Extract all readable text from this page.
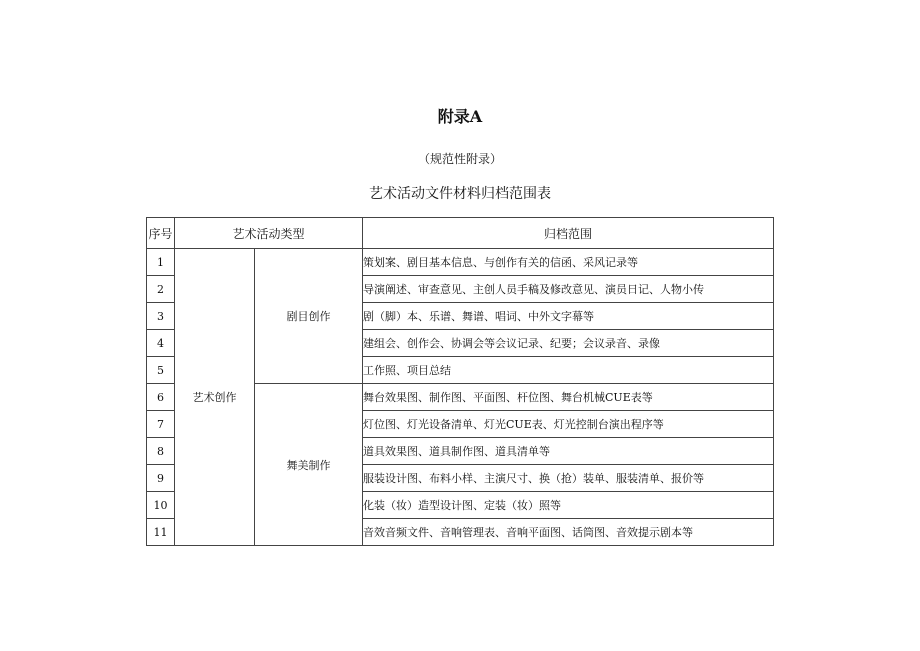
附录A
（规范性附录）
艺术活动文件材料归档范围表
序号	艺术活动类型		归档范围
1	艺术创作	剧目创作	策划案、剧目基本信息、与创作有关的信函、采风记录等
2			导演阐述、审查意见、主创人员手稿及修改意见、演员日记、人物小传
3			剧（脚）本、乐谱、舞谱、唱词、中外文字幕等
4			建组会、创作会、协调会等会议记录、纪要；会议录音、录像
5			工作照、项目总结
6		舞美制作	舞台效果图、制作图、平面图、杆位图、舞台机械CUE表等
7			灯位图、灯光设备清单、灯光CUE表、灯光控制台演出程序等
8			道具效果图、道具制作图、道具清单等
9			服装设计图、布料小样、主演尺寸、换（抢）装单、服装清单、报价等
10			化装（妆）造型设计图、定装（妆）照等
11			音效音频文件、音响管理表、音响平面图、话筒图、音效提示剧本等
